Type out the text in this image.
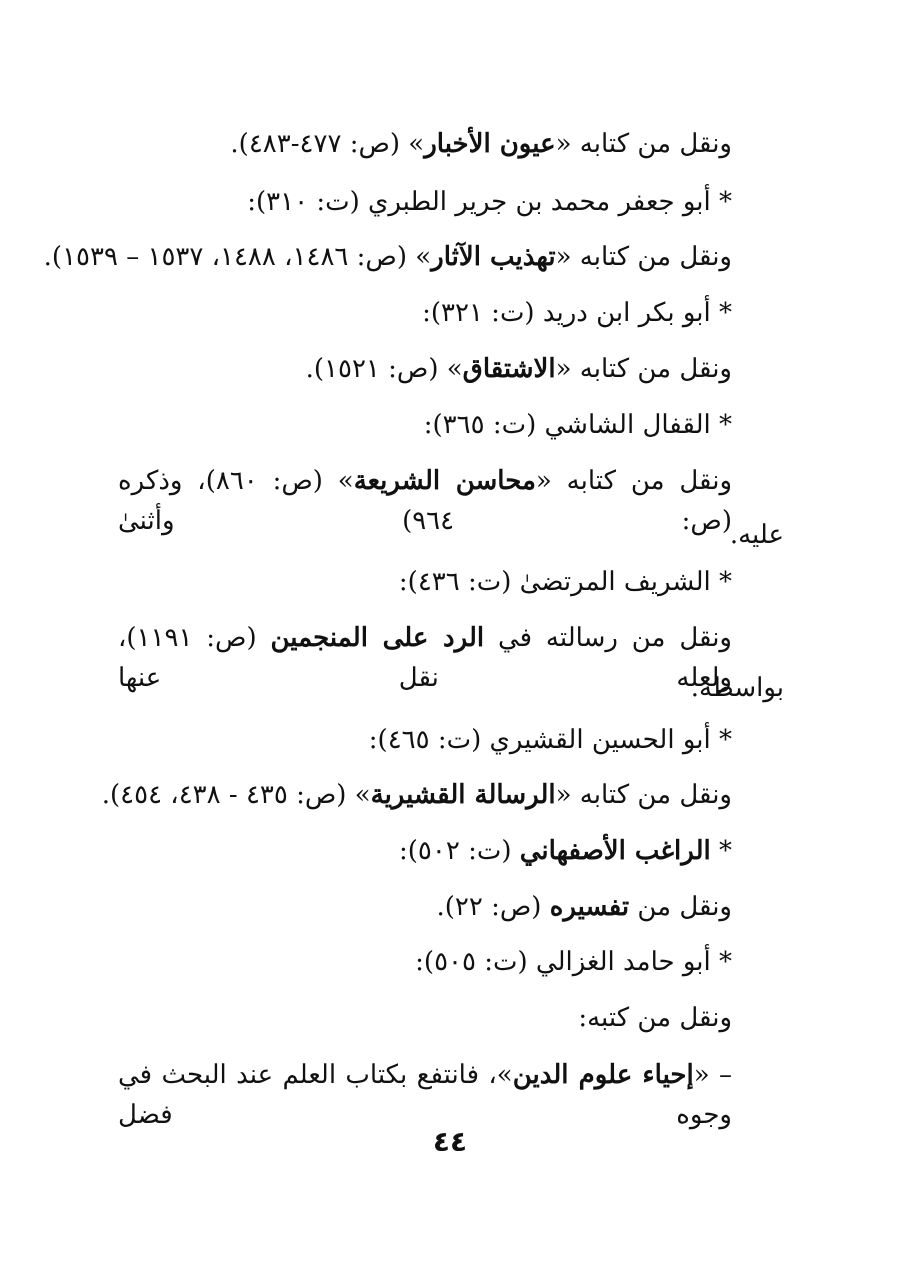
ونقل من كتابه «عيون الأخبار» (ص: ٤٧٧-٤٨٣).
* أبو جعفر محمد بن جرير الطبري (ت: ٣١٠):
ونقل من كتابه «تهذيب الآثار» (ص: ١٤٨٦، ١٤٨٨، ١٥٣٧ – ١٥٣٩).
* أبو بكر ابن دريد (ت: ٣٢١):
ونقل من كتابه «الاشتقاق» (ص: ١٥٢١).
* القفال الشاشي (ت: ٣٦٥):
ونقل من كتابه «محاسن الشريعة» (ص: ٨٦٠)، وذكره (ص: ٩٦٤) وأثنىٰ
عليه.
* الشريف المرتضىٰ (ت: ٤٣٦):
ونقل من رسالته في الرد على المنجمين (ص: ١١٩١)، ولعله نقل عنها
بواسطة.
* أبو الحسين القشيري (ت: ٤٦٥):
ونقل من كتابه «الرسالة القشيرية» (ص: ٤٣٥ - ٤٣٨، ٤٥٤).
* الراغب الأصفهاني (ت: ٥٠٢):
ونقل من تفسيره (ص: ٢٢).
* أبو حامد الغزالي (ت: ٥٠٥):
ونقل من كتبه:
– «إحياء علوم الدين»، فانتفع بكتاب العلم عند البحث في وجوه فضل
٤٤
